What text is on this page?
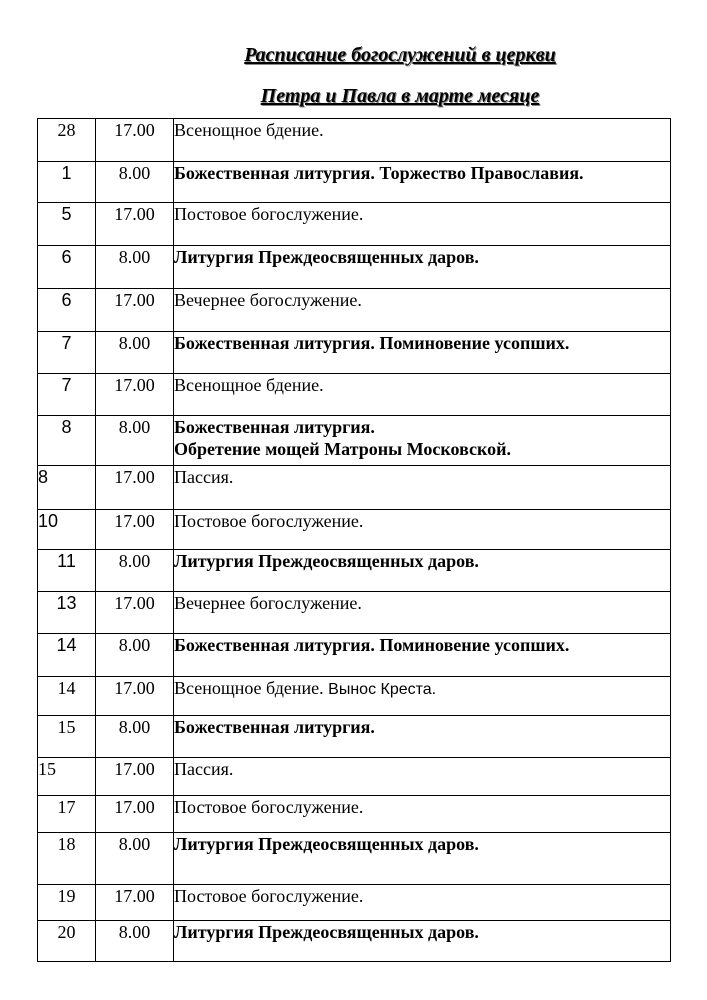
Расписание богослужений в церкви
Петра и Павла в марте месяце
28	17.00	Всенощное бдение.
1	8.00	Божественная литургия. Торжество Православия.
5	17.00	Постовое богослужение.
6	8.00	Литургия Преждеосвященных даров.
6	17.00	Вечернее богослужение.
7	8.00	Божественная литургия. Поминовение усопших.
7	17.00	Всенощное бдение.
8	8.00	Божественная литургия.
Обретение мощей Матроны Московской.

8	17.00	Пассия.
10	17.00	Постовое богослужение.
11	8.00	Литургия Преждеосвященных даров.
13	17.00	Вечернее богослужение.
14	8.00	Божественная литургия. Поминовение усопших.
14	17.00	Всенощное бдение. Вынос Креста.
15	8.00	Божественная литургия.
15	17.00	Пассия.
17	17.00	Постовое богослужение.
18	8.00	Литургия Преждеосвященных даров.
19	17.00	Постовое богослужение.
20	8.00	Литургия Преждеосвященных даров.
